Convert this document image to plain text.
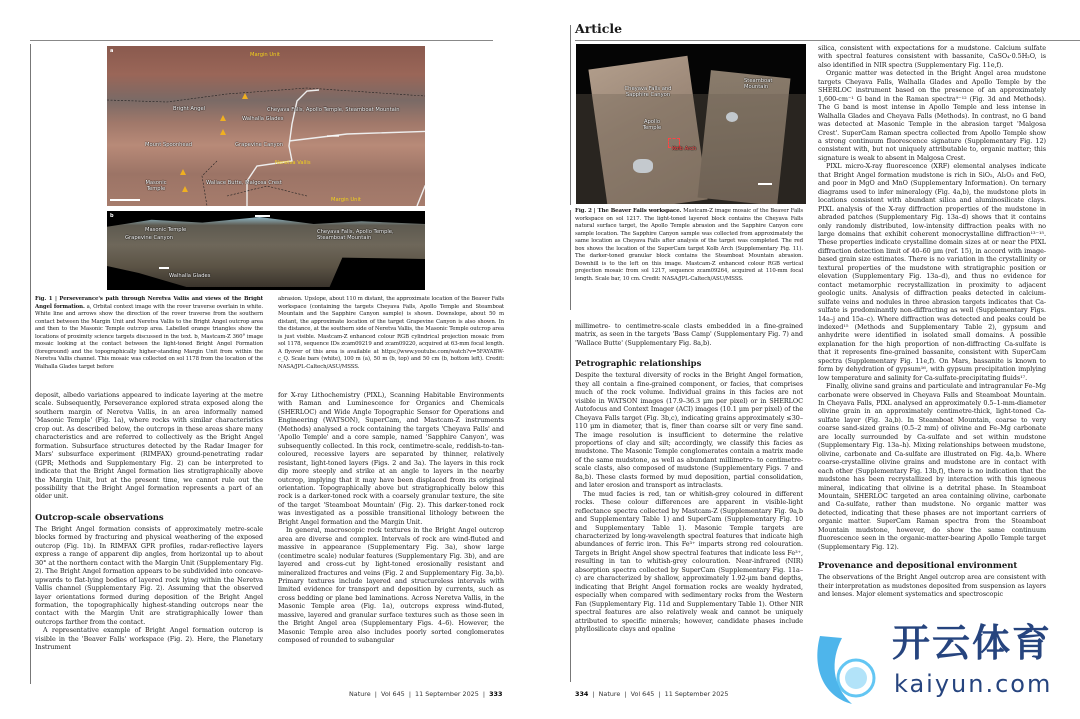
a
Margin Unit
Bright Angel	Cheyava Falls, Apollo Temple, Steamboat Mountain
Walhalla Glades
Grapevine Canyon
Mount Spoonhead
Neretva Vallis
Masonic Temple
Wallace Butte, Malgosa Crest
Margin Unit
b
Masonic Temple
Grapevine Canyon
Cheyava Falls, Apollo Temple, Steamboat Mountain
Walhalla Glades
Fig. 1 | Perseverance's path through Neretva Vallis and views of the Bright Angel formation. a, Orbital context image with the rover traverse overlain in white. White line and arrows show the direction of the rover traverse from the southern contact between the Margin Unit and Neretva Vallis to the Bright Angel outcrop area and then to the Masonic Temple outcrop area. Labelled orange triangles show the locations of proximity science targets discussed in the text. b, Mastcam-Z 360° image mosaic looking at the contact between the light-toned Bright Angel Formation (foreground) and the topographically higher-standing Margin Unit from within the Neretva Vallis channel. This mosaic was collected on sol 1178 from the location of the Walhalla Glades target before
abrasion. Upslope, about 110 m distant, the approximate location of the Beaver Falls workspace (containing the targets Cheyava Falls, Apollo Temple and Steamboat Mountain and the Sapphire Canyon sample) is shown. Downslope, about 50 m distant, the approximate location of the target Grapevine Canyon is also shown. In the distance, at the southern side of Neretva Vallis, the Masonic Temple outcrop area is just visible. Mastcam-Z enhanced colour RGB cylindrical projection mosaic from sol 1178, sequence IDs zcam09219 and zcam09220, acquired at 63-mm focal length. A flyover of this area is available at https://www.youtube.com/watch?v=5FAYABW-c_Q. Scale bars (white), 100 m (a), 50 m (b, top) and 50 cm (b, bottom left). Credit: NASA/JPL-Caltech/ASU/MSSS.
deposit, albedo variations appeared to indicate layering at the metre scale. Subsequently, Perseverance explored strata exposed along the southern margin of Neretva Vallis, in an area informally named 'Masonic Temple' (Fig. 1a), where rocks with similar characteristics crop out. As described below, the outcrops in these areas share many characteristics and are referred to collectively as the Bright Angel formation. Subsurface structures detected by the Radar Imager for Mars' subsurface experiment (RIMFAX) ground-penetrating radar (GPR; Methods and Supplementary Fig. 2) can be interpreted to indicate that the Bright Angel formation lies stratigraphically above the Margin Unit, but at the present time, we cannot rule out the possibility that the Bright Angel formation represents a part of an older unit.
Outcrop-scale observations
The Bright Angel formation consists of approximately metre-scale blocks formed by fracturing and physical weathering of the exposed outcrop (Fig. 1b). In RIMFAX GPR profiles, radar-reflective layers express a range of apparent dip angles, from horizontal up to about 30° at the northern contact with the Margin Unit (Supplementary Fig. 2). The Bright Angel formation appears to be subdivided into concave-upwards to flat-lying bodies of layered rock lying within the Neretva Vallis channel (Supplementary Fig. 2). Assuming that the observed layer orientations formed during deposition of the Bright Angel formation, the topographically highest-standing outcrops near the contact with the Margin Unit are stratigraphically lower than outcrops farther from the contact.
A representative example of Bright Angel formation outcrop is visible in the 'Beaver Falls' workspace (Fig. 2). Here, the Planetary Instrument
for X-ray Lithochemistry (PIXL), Scanning Habitable Environments with Raman and Luminescence for Organics and Chemicals (SHERLOC) and Wide Angle Topographic Sensor for Operations and Engineering (WATSON), SuperCam, and Mastcam-Z instruments (Methods) analysed a rock containing the targets 'Cheyava Falls' and 'Apollo Temple' and a core sample, named 'Sapphire Canyon', was subsequently collected. In this rock, centimetre-scale, reddish-to-tan-coloured, recessive layers are separated by thinner, relatively resistant, light-toned layers (Figs. 2 and 3a). The layers in this rock dip more steeply and strike at an angle to layers in the nearby outcrop, implying that it may have been displaced from its original orientation. Topographically above but stratigraphically below this rock is a darker-toned rock with a coarsely granular texture, the site of the target 'Steamboat Mountain' (Fig. 2). This darker-toned rock was investigated as a possible transitional lithology between the Bright Angel formation and the Margin Unit.
In general, macroscopic rock textures in the Bright Angel outcrop area are diverse and complex. Intervals of rock are wind-fluted and massive in appearance (Supplementary Fig. 3a), show large (centimetre scale) nodular features (Supplementary Fig. 3b), and are layered and cross-cut by light-toned erosionally resistant and mineralized fractures and veins (Fig. 2 and Supplementary Fig. 3a,b). Primary textures include layered and structureless intervals with limited evidence for transport and deposition by currents, such as cross bedding or plane bed laminations. Across Neretva Vallis, in the Masonic Temple area (Fig. 1a), outcrops express wind-fluted, massive, layered and granular surface textures such as those seen in the Bright Angel area (Supplementary Figs. 4–6). However, the Masonic Temple area also includes poorly sorted conglomerates composed of rounded to subangular
Nature  |  Vol 645  |  11 September 2025  |  333
Article
Cheyava Falls and Sapphire Canyon
Apollo Temple
Steamboat Mountain
Kolb Arch
Fig. 2 | The Beaver Falls workspace. Mastcam-Z image mosaic of the Beaver Falls workspace on sol 1217. The light-toned layered block contains the Cheyava Falls natural surface target, the Apollo Temple abrasion and the Sapphire Canyon core sample location. The Sapphire Canyon sample was collected from approximately the same location as Cheyava Falls after analysis of the target was completed. The red box shows the location of the SuperCam target Kolb Arch (Supplementary Fig. 11). The darker-toned granular block contains the Steamboat Mountain abrasion. Downhill is to the left on this image. Mastcam-Z enhanced colour RGB vertical projection mosaic from sol 1217, sequence zcam09264, acquired at 110-mm focal length. Scale bar, 10 cm. Credit: NASA/JPL-Caltech/ASU/MSSS.
millimetre- to centimetre-scale clasts embedded in a fine-grained matrix, as seen in the targets 'Bass Camp' (Supplementary Fig. 7) and 'Wallace Butte' (Supplementary Fig. 8a,b).
Petrographic relationships
Despite the textural diversity of rocks in the Bright Angel formation, they all contain a fine-grained component, or facies, that comprises much of the rock volume. Individual grains in this facies are not visible in WATSON images (17.9–36.3 μm per pixel) or in SHERLOC Autofocus and Context Imager (ACI) images (10.1 μm per pixel) of the Cheyava Falls target (Fig. 3b,c), indicating grains approximately ≤30–110 μm in diameter, that is, finer than coarse silt or very fine sand. The image resolution is insufficient to determine the relative proportions of clay and silt; accordingly, we classify this facies as mudstone. The Masonic Temple conglomerates contain a matrix made of the same mudstone, as well as abundant millimetre- to centimetre-scale clasts, also composed of mudstone (Supplementary Figs. 7 and 8a,b). These clasts formed by mud deposition, partial consolidation, and later erosion and transport as intraclasts.
The mud facies is red, tan or whitish-grey coloured in different rocks. These colour differences are apparent in visible-light reflectance spectra collected by Mastcam-Z (Supplementary Fig. 9a,b and Supplementary Table 1) and SuperCam (Supplementary Fig. 10 and Supplementary Table 1). Masonic Temple targets are characterized by long-wavelength spectral features that indicate high abundances of ferric iron. This Fe³⁺ imparts strong red colouration. Targets in Bright Angel show spectral features that indicate less Fe³⁺, resulting in tan to whitish-grey colouration. Near-infrared (NIR) absorption spectra collected by SuperCam (Supplementary Fig. 11a–c) are characterized by shallow, approximately 1.92-μm band depths, indicating that Bright Angel formation rocks are weakly hydrated, especially when compared with sedimentary rocks from the Western Fan (Supplementary Fig. 11d and Supplementary Table 1). Other NIR spectral features are also relatively weak and cannot be uniquely attributed to specific minerals; however, candidate phases include phyllosilicate clays and opaline
silica, consistent with expectations for a mudstone. Calcium sulfate with spectral features consistent with bassanite, CaSO₄·0.5H₂O, is also identified in NIR spectra (Supplementary Fig. 11e,f).
Organic matter was detected in the Bright Angel area mudstone targets Cheyava Falls, Walhalla Glades and Apollo Temple by the SHERLOC instrument based on the presence of an approximately 1,600-cm⁻¹ G band in the Raman spectra⁹⁻¹² (Fig. 3d and Methods). The G band is most intense in Apollo Temple and less intense in Walhalla Glades and Cheyava Falls (Methods). In contrast, no G band was detected at Masonic Temple in the abrasion target 'Malgosa Crest'. SuperCam Raman spectra collected from Apollo Temple show a strong continuum fluorescence signature (Supplementary Fig. 12) consistent with, but not uniquely attributable to, organic matter; this signature is weak to absent in Malgosa Crest.
PIXL micro-X-ray fluorescence (XRF) elemental analyses indicate that Bright Angel formation mudstone is rich in SiO₂, Al₂O₃ and FeO, and poor in MgO and MnO (Supplementary Information). On ternary diagrams used to infer mineralogy (Fig. 4a,b), the mudstone plots in locations consistent with abundant silica and aluminosilicate clays. PIXL analysis of the X-ray diffraction properties of the mudstone in abraded patches (Supplementary Fig. 13a–d) shows that it contains only randomly distributed, low-intensity diffraction peaks with no large domains that exhibit coherent monocrystalline diffraction¹³⁻¹⁵. These properties indicate crystalline domain sizes at or near the PIXL diffraction detection limit of 40–60 μm (ref. 15), in accord with image-based grain size estimates. There is no variation in the crystallinity or textural properties of the mudstone with stratigraphic position or elevation (Supplementary Fig. 13a–d), and thus no evidence for contact metamorphic recrystallization in proximity to adjacent geologic units. Analysis of diffraction peaks detected in calcium-sulfate veins and nodules in three abrasion targets indicates that Ca-sulfate is predominantly non-diffracting as well (Supplementary Figs. 14a–j and 15a–c). Where diffraction was detected and peaks could be indexed¹⁵ (Methods and Supplementary Table 2), gypsum and anhydrite were identified in isolated small domains. A possible explanation for the high proportion of non-diffracting Ca-sulfate is that it represents fine-grained bassanite, consistent with SuperCam spectra (Supplementary Fig. 11e,f). On Mars, bassanite is known to form by dehydration of gypsum¹⁶, with gypsum precipitation implying low temperature and salinity for Ca-sulfate-precipitating fluids¹⁷.
Finally, olivine sand grains and particulate and intragranular Fe–Mg carbonate were observed in Cheyava Falls and Steamboat Mountain. In Cheyava Falls, PIXL analysed an approximately 0.5–1-mm-diameter olivine grain in an approximately centimetre-thick, light-toned Ca-sulfate layer (Fig. 3a,b). In Steamboat Mountain, coarse to very coarse sand-sized grains (0.5–2 mm) of olivine and Fe–Mg carbonate are locally surrounded by Ca-sulfate and set within mudstone (Supplementary Fig. 13a–h). Mixing relationships between mudstone, olivine, carbonate and Ca-sulfate are illustrated on Fig. 4a,b. Where coarse-crystalline olivine grains and mudstone are in contact with each other (Supplementary Fig. 13b,f), there is no indication that the mudstone has been recrystallized by interaction with this igneous mineral, indicating that olivine is a detrital phase. In Steamboat Mountain, SHERLOC targeted an area containing olivine, carbonate and Ca-sulfate, rather than mudstone. No organic matter was detected, indicating that these phases are not important carriers of organic matter. SuperCam Raman spectra from the Steamboat Mountain mudstone, however, do show the same continuum fluorescence seen in the organic-matter-bearing Apollo Temple target (Supplementary Fig. 12).
Provenance and depositional environment
The observations of the Bright Angel outcrop area are consistent with their interpretation as mudstones deposited from suspension as layers and lenses. Major element systematics and spectroscopic
334  |  Nature  |  Vol 645  |  11 September 2025
开云体育
kaiyun.com
